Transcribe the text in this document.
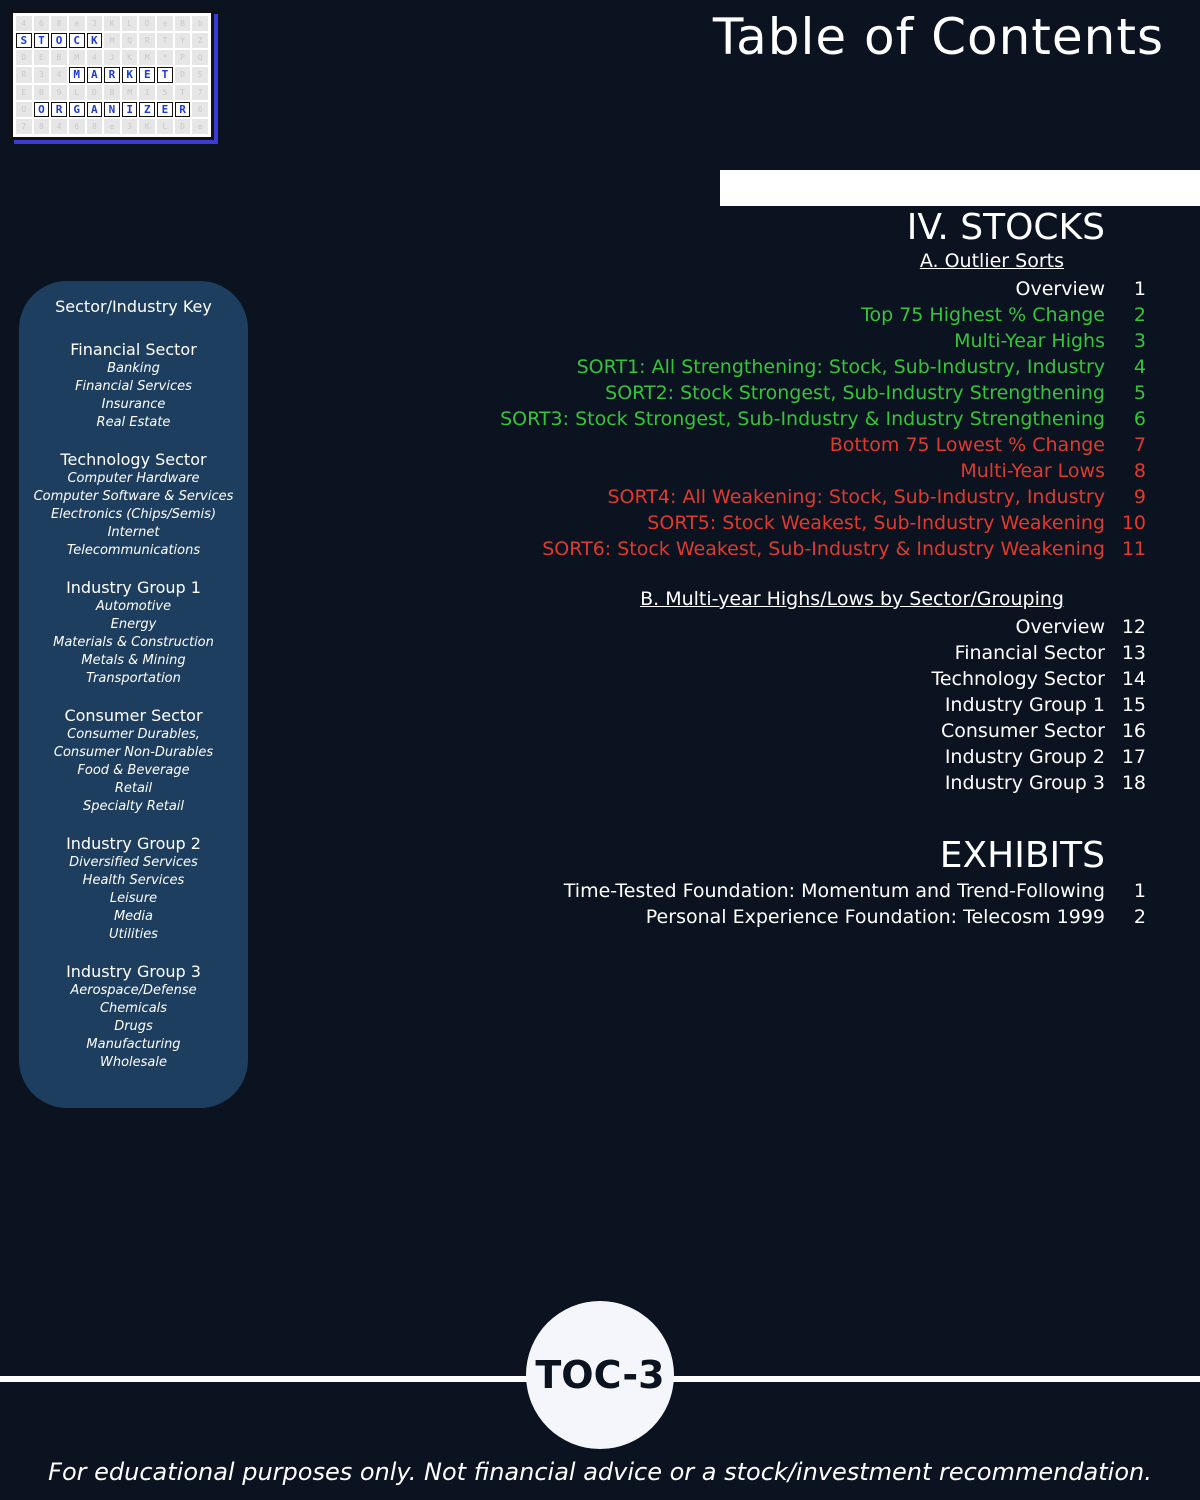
4	6	8	e	3	K	L	D	e	B	b
S	T	O	C	K	M	Q	R	T	Y	Z
D	E	B	M	4	J	K	M	*	P	Q
R	3	4	M	A	R	K	E	T	D	S
E	B	9	L	D	B	M	I	5	T	7
U	O	R	G	A	N	I	Z	E	R	6
7	8	4	6	8	e	3	K	L	D	e
Table of Contents
Sector/Industry Key
Financial Sector
Banking
Financial Services
Insurance
Real Estate
Technology Sector
Computer Hardware
Computer Software & Services
Electronics (Chips/Semis)
Internet
Telecommunications
Industry Group 1
Automotive
Energy
Materials & Construction
Metals & Mining
Transportation
Consumer Sector
Consumer Durables,
Consumer Non-Durables
Food & Beverage
Retail
Specialty Retail
Industry Group 2
Diversified Services
Health Services
Leisure
Media
Utilities
Industry Group 3
Aerospace/Defense
Chemicals
Drugs
Manufacturing
Wholesale
IV. STOCKS
A. Outlier Sorts
Overview	1
Top 75 Highest % Change	2
Multi-Year Highs	3
SORT1: All Strengthening: Stock, Sub-Industry, Industry	4
SORT2: Stock Strongest, Sub-Industry Strengthening	5
SORT3: Stock Strongest, Sub-Industry & Industry Strengthening	6
Bottom 75 Lowest % Change	7
Multi-Year Lows	8
SORT4: All Weakening: Stock, Sub-Industry, Industry	9
SORT5: Stock Weakest, Sub-Industry Weakening 10
SORT6: Stock Weakest, Sub-Industry & Industry Weakening 11
B. Multi-year Highs/Lows by Sector/Grouping
Overview 12
Financial Sector 13
Technology Sector 14
Industry Group 1 15
Consumer Sector 16
Industry Group 2 17
Industry Group 3 18
EXHIBITS
Time-Tested Foundation: Momentum and Trend-Following	1
Personal Experience Foundation: Telecosm 1999	2
TOC-3
For educational purposes only. Not financial advice or a stock/investment recommendation.
